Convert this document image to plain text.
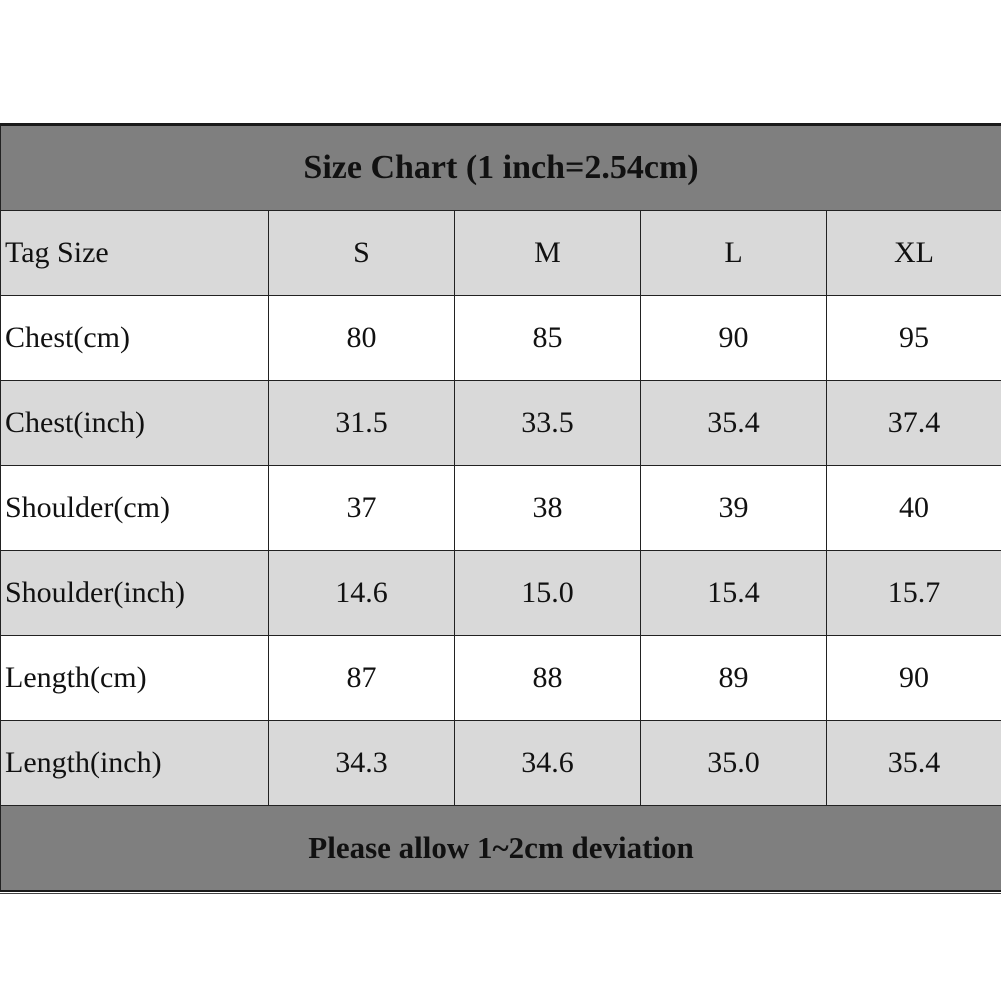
Size Chart (1 inch=2.54cm)				
Tag Size	S	M	L	XL
Chest(cm)	80	85	90	95
Chest(inch)	31.5	33.5	35.4	37.4
Shoulder(cm)	37	38	39	40
Shoulder(inch)	14.6	15.0	15.4	15.7
Length(cm)	87	88	89	90
Length(inch)	34.3	34.6	35.0	35.4
Please allow 1~2cm deviation				
